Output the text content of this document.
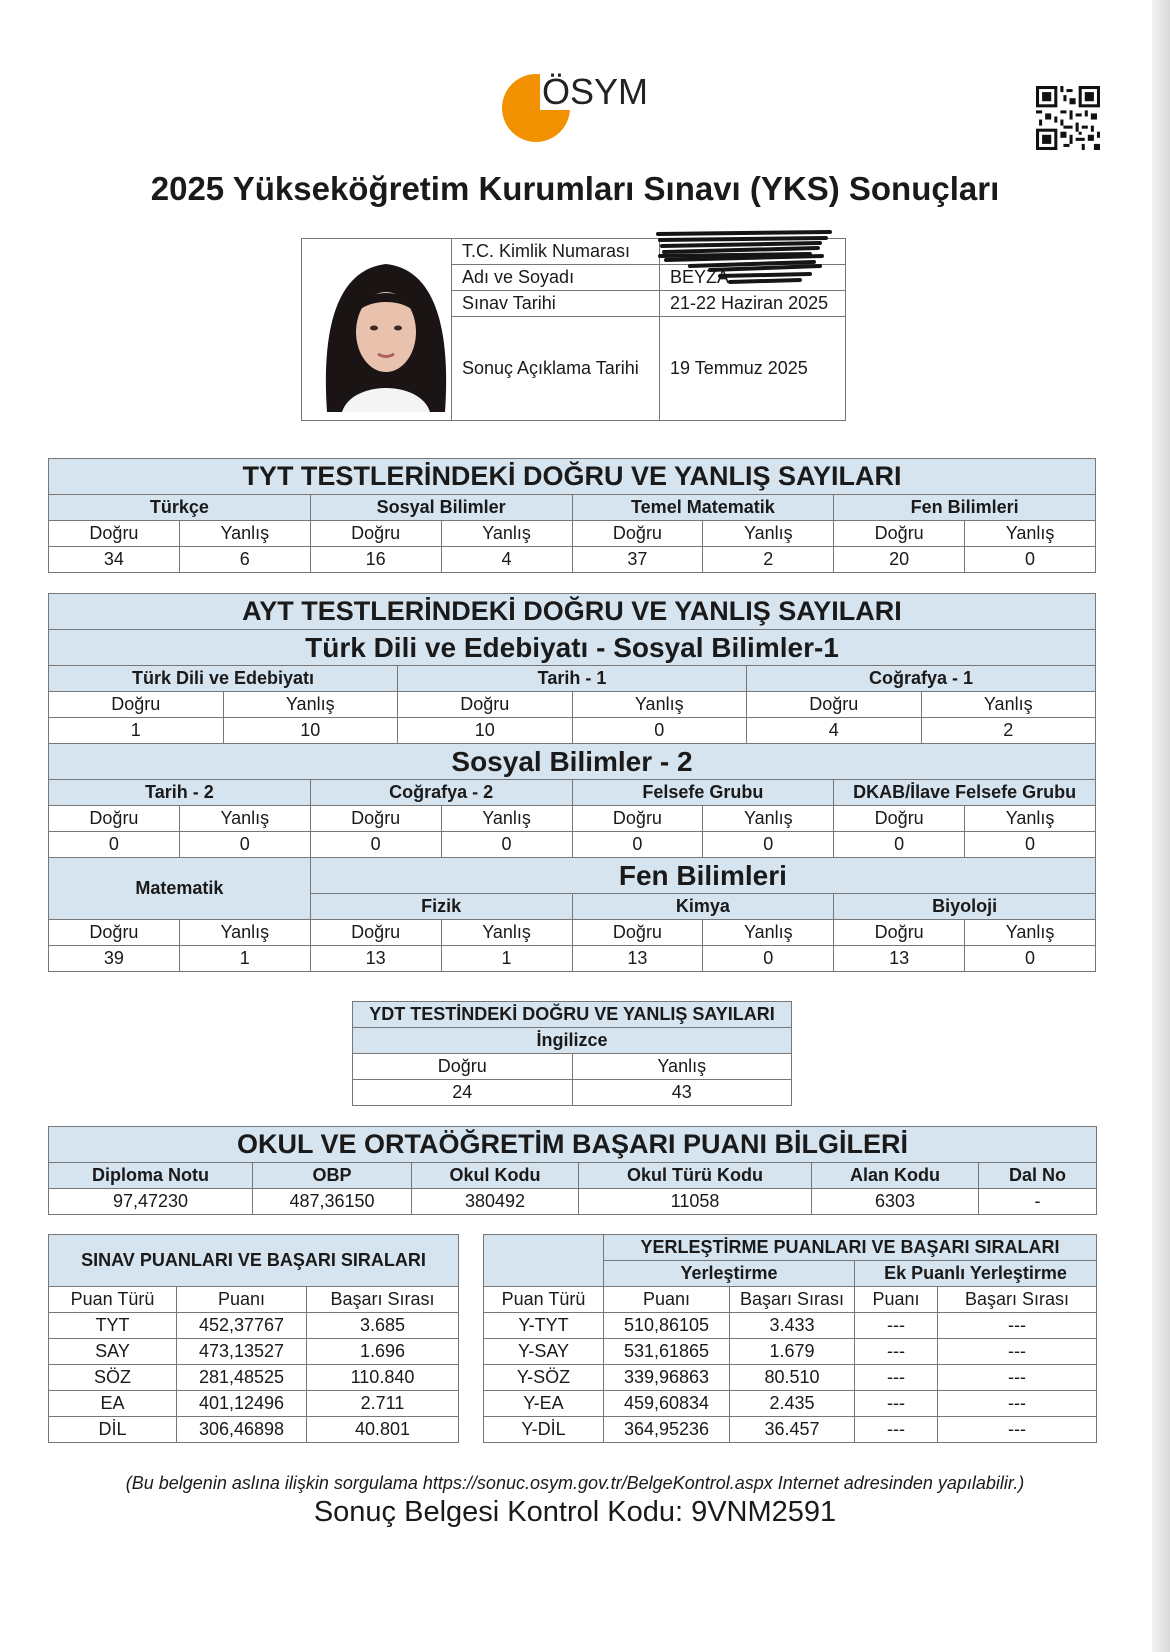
ÖSYM
2025 Yükseköğretim Kurumları Sınavı (YKS) Sonuçları
	T.C. Kimlik Numarası	
	Adı ve Soyadı	BEYZA
	Sınav Tarihi	21-22 Haziran 2025
	Sonuç Açıklama Tarihi	19 Temmuz 2025
TYT TESTLERİNDEKİ DOĞRU VE YANLIŞ SAYILARI							
Türkçe		Sosyal Bilimler		Temel Matematik		Fen Bilimleri	
Doğru	Yanlış	Doğru	Yanlış	Doğru	Yanlış	Doğru	Yanlış
34	6	16	4	37	2	20	0
AYT TESTLERİNDEKİ DOĞRU VE YANLIŞ SAYILARI											
Türk Dili ve Edebiyatı - Sosyal Bilimler-1											
Türk Dili ve Edebiyatı				Tarih - 1				Coğrafya - 1			
Doğru		Yanlış		Doğru		Yanlış		Doğru		Yanlış	
1		10		10		0		4		2	
Sosyal Bilimler - 2											
Tarih - 2			Coğrafya - 2			Felsefe Grubu			DKAB/İlave Felsefe Grubu		
Doğru	Yanlış		Doğru		Yanlış	Doğru	Yanlış		Doğru		Yanlış
0	0		0		0	0	0		0		0
Matematik			Fen Bilimleri								
			Fizik			Kimya			Biyoloji		
Doğru	Yanlış		Doğru		Yanlış	Doğru	Yanlış		Doğru		Yanlış
39	1		13		1	13	0		13		0
YDT TESTİNDEKİ DOĞRU VE YANLIŞ SAYILARI	
İngilizce	
Doğru	Yanlış
24	43
OKUL VE ORTAÖĞRETİM BAŞARI PUANI BİLGİLERİ					
Diploma Notu	OBP	Okul Kodu	Okul Türü Kodu	Alan Kodu	Dal No
97,47230	487,36150	380492	11058	6303	-
SINAV PUANLARI VE BAŞARI SIRALARI		
Puan Türü	Puanı	Başarı Sırası
TYT	452,37767	3.685
SAY	473,13527	1.696
SÖZ	281,48525	110.840
EA	401,12496	2.711
DİL	306,46898	40.801
	YERLEŞTİRME PUANLARI VE BAŞARI SIRALARI			
	Yerleştirme		Ek Puanlı Yerleştirme	
Puan Türü	Puanı	Başarı Sırası	Puanı	Başarı Sırası
Y-TYT	510,86105	3.433	---	---
Y-SAY	531,61865	1.679	---	---
Y-SÖZ	339,96863	80.510	---	---
Y-EA	459,60834	2.435	---	---
Y-DİL	364,95236	36.457	---	---
(Bu belgenin aslına ilişkin sorgulama https://sonuc.osym.gov.tr/BelgeKontrol.aspx Internet adresinden yapılabilir.)
Sonuç Belgesi Kontrol Kodu: 9VNM2591
